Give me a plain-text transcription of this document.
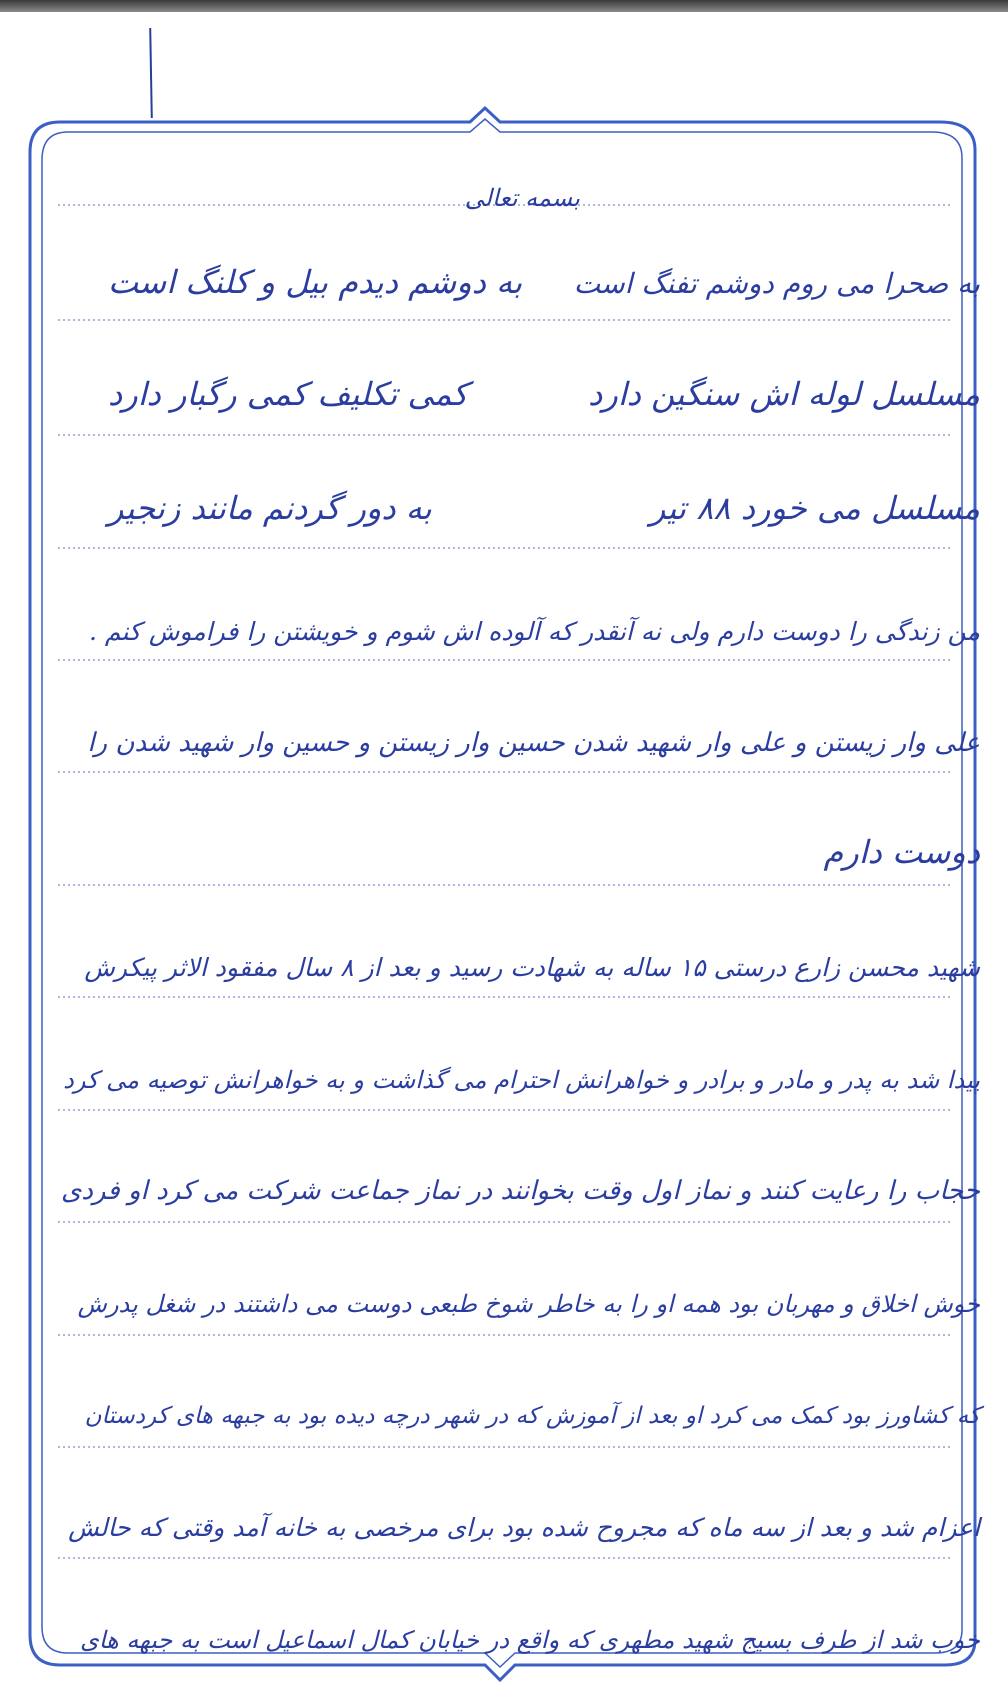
بسمه تعالی
به صحرا می روم دوشم تفنگ است
به دوشم دیدم بیل و کلنگ است
مسلسل لوله اش سنگین دارد
کمی تکلیف کمی رگبار دارد
مسلسل می خورد ۸۸ تیر
به دور گردنم مانند زنجیر
من زندگی را دوست دارم ولی نه آنقدر که آلوده اش شوم و خویشتن را فراموش کنم .
علی وار زیستن و علی وار شهید شدن حسین وار زیستن و حسین وار شهید شدن را
دوست دارم
شهید محسن زارع درستی ۱۵ ساله به شهادت رسید و بعد از ۸ سال مفقود الاثر پیکرش
پیدا شد به پدر و مادر و برادر و خواهرانش احترام می گذاشت و به خواهرانش توصیه می کرد
حجاب را رعایت کنند و نماز اول وقت بخوانند در نماز جماعت شرکت می کرد او فردی
خوش اخلاق و مهربان بود همه او را به خاطر شوخ طبعی دوست می داشتند در شغل پدرش
که کشاورز بود کمک می کرد او بعد از آموزش که در شهر درچه دیده بود به جبهه های کردستان
اعزام شد و بعد از سه ماه که مجروح شده بود برای مرخصی به خانه آمد وقتی که حالش
خوب شد از طرف بسیج شهید مطهری که واقع در خیابان کمال اسماعیل است به جبهه های
